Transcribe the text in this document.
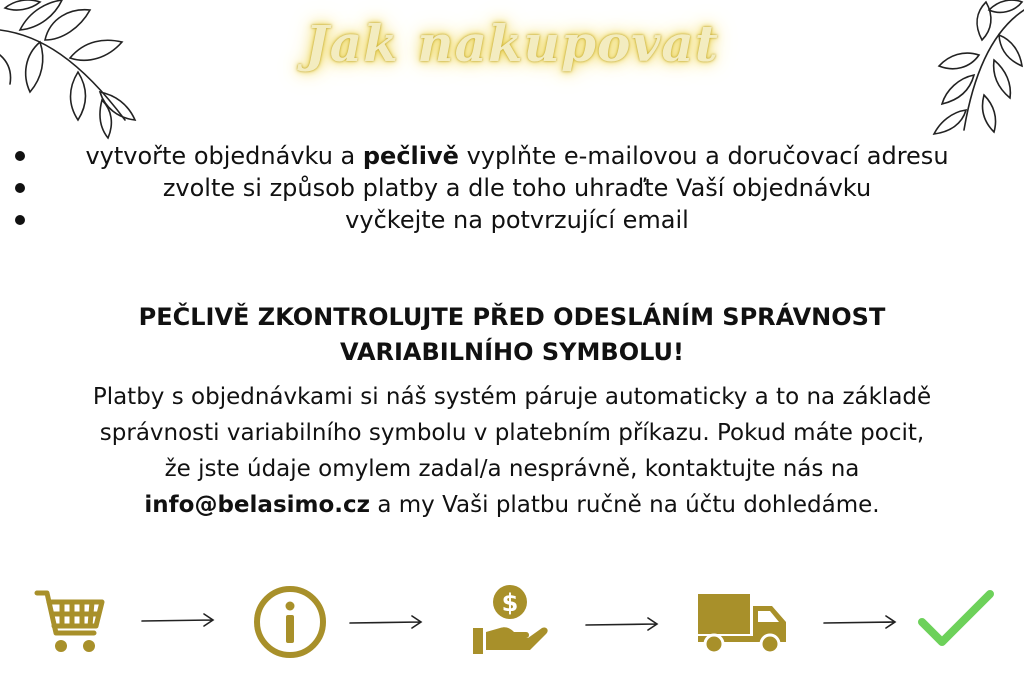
Jak nakupovat
vytvořte objednávku a pečlivě vyplňte e-mailovou a doručovací adresu
zvolte si způsob platby a dle toho uhraďte Vaší objednávku
vyčkejte na potvrzující email
PEČLIVĚ ZKONTROLUJTE PŘED ODESLÁNÍM SPRÁVNOST
VARIABILNÍHO SYMBOLU!
Platby s objednávkami si náš systém páruje automaticky a to na základě
správnosti variabilního symbolu v platebním příkazu. Pokud máte pocit,
že jste údaje omylem zadal/a nesprávně, kontaktujte nás na
info@belasimo.cz a my Vaši platbu ručně na účtu dohledáme.
$
